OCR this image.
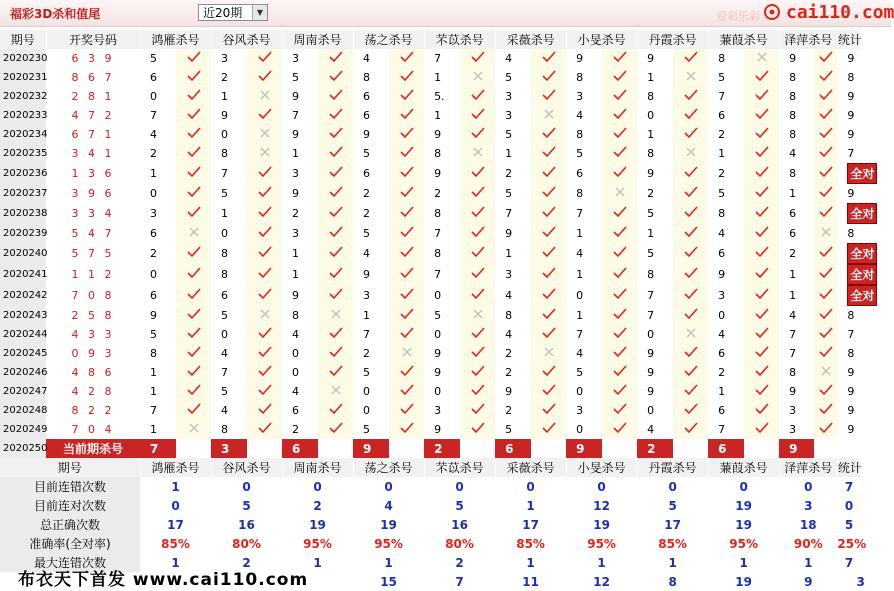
福彩3D杀和值尾	近20期	▼	爱彩乐彩 cai110.com
期号	开奖号码	鸿雁杀号		谷风杀号		周南杀号		荡之杀号		芣苡杀号		采薇杀号		小旻杀号		丹霞杀号		蒹葭杀号		泽萍杀号		统计
2020230	6 3 9	5		3		3		4		7		4		9		9		8		9		9
2020231	8 6 7	6		2		5		8		1		5		8		1		5		8		8
2020232	2 8 1	0		1		9		6		5.		3		3		8		7		8		9
2020233	4 7 2	7		9		7		6		1		3		4		0		6		8		9
2020234	6 7 1	4		0		9		9		9		5		8		1		2		8		9
2020235	3 4 1	2		8		1		5		8		1		5		8		1		4		7
2020236	1 3 6	1		7		3		6		9		2		6		9		2		8		全对
2020237	3 9 6	0		5		9		2		2		5		8		2		5		1		9
2020238	3 3 4	3		1		2		2		8		7		7		5		8		6		全对
2020239	5 4 7	6		0		3		5		7		9		1		1		4		6		8
2020240	5 7 5	2		8		1		4		8		1		4		5		6		2		全对
2020241	1 1 2	0		8		1		9		7		3		1		8		9		1		全对
2020242	7 0 8	6		6		9		3		0		4		0		7		3		1		全对
2020243	2 5 8	9		5		8		1		5		8		1		7		0		4		8
2020244	4 3 3	5		0		4		7		0		4		7		0		4		7		7
2020245	0 9 3	8		4		0		2		9		2		4		9		6		7		8
2020246	4 8 6	1		7		0		5		9		2		5		9		2		8		9
2020247	4 2 8	1		5		4		0		0		9		0		9		1		9		9
2020248	8 2 2	7		4		6		0		3		2		3		0		6		3		9
2020249	7 0 4	1		8		2		5		9		5		0		4		7		3		9
2020250	当前期杀号	7		3		6		9		2		6		9		2		6		9		
期号		鸿雁杀号		谷风杀号		周南杀号		荡之杀号		芣苡杀号		采薇杀号		小旻杀号		丹霞杀号		蒹葭杀号		泽萍杀号		统计
目前连错次数		1		0		0		0		0		0		0		0		0		0		7
目前连对次数		0		5		2		4		5		1		12		5		19		3		0
总正确次数		17		16		19		19		16		17		19		17		19		18		5
准确率(全对率)		85%		80%		95%		95%		80%		85%		95%		85%		95%		90%		25%
最大连错次数		1		2		1		1		2		1		1		1		1		1		7
								15		7		11		12		8		19		9		3
布衣天下首发 www.cai110.com
